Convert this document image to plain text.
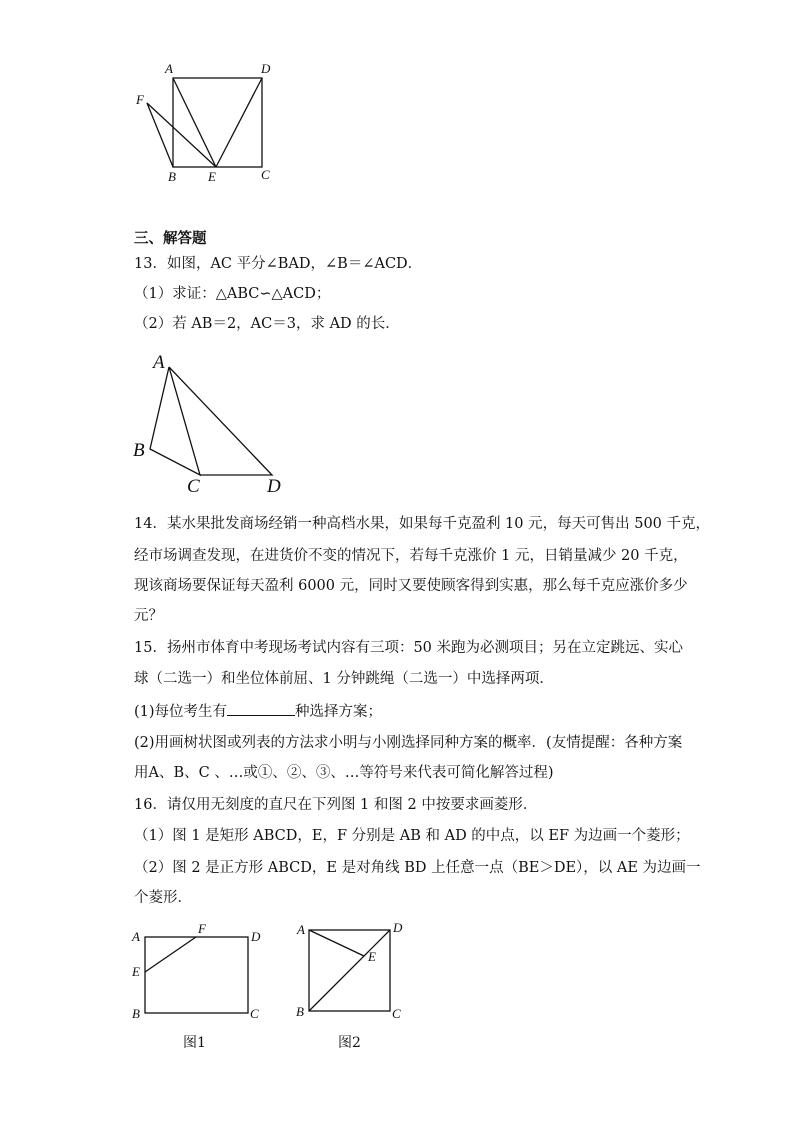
A	D
F
B E	C
三、解答题
13．如图，AC 平分∠BAD，∠B＝∠ACD．
（1）求证：△ABC∽△ACD；
（2）若 AB＝2，AC＝3，求 AD 的长．
A
B
C	D
14．某水果批发商场经销一种高档水果，如果每千克盈利 10 元，每天可售出 500 千克，
经市场调查发现，在进货价不变的情况下，若每千克涨价 1 元，日销量减少 20 千克，
现该商场要保证每天盈利 6000 元，同时又要使顾客得到实惠，那么每千克应涨价多少
元？
15．扬州市体育中考现场考试内容有三项：50 米跑为必测项目；另在立定跳远、实心
球（二选一）和坐位体前屈、1 分钟跳绳（二选一）中选择两项．
(1)每位考生有	种选择方案；
(2)用画树状图或列表的方法求小明与小刚选择同种方案的概率．(友情提醒：各种方案
用A、B、C 、…或①、②、③、…等符号来代表可简化解答过程)
16．请仅用无刻度的直尺在下列图 1 和图 2 中按要求画菱形．
（1）图 1 是矩形 ABCD，E，F 分别是 AB 和 AD 的中点，以 EF 为边画一个菱形；
（2）图 2 是正方形 ABCD，E 是对角线 BD 上任意一点（BE＞DE），以 AE 为边画一
个菱形．
A
F
D
E
B	C
图1
A	D
E
B	C
图2
